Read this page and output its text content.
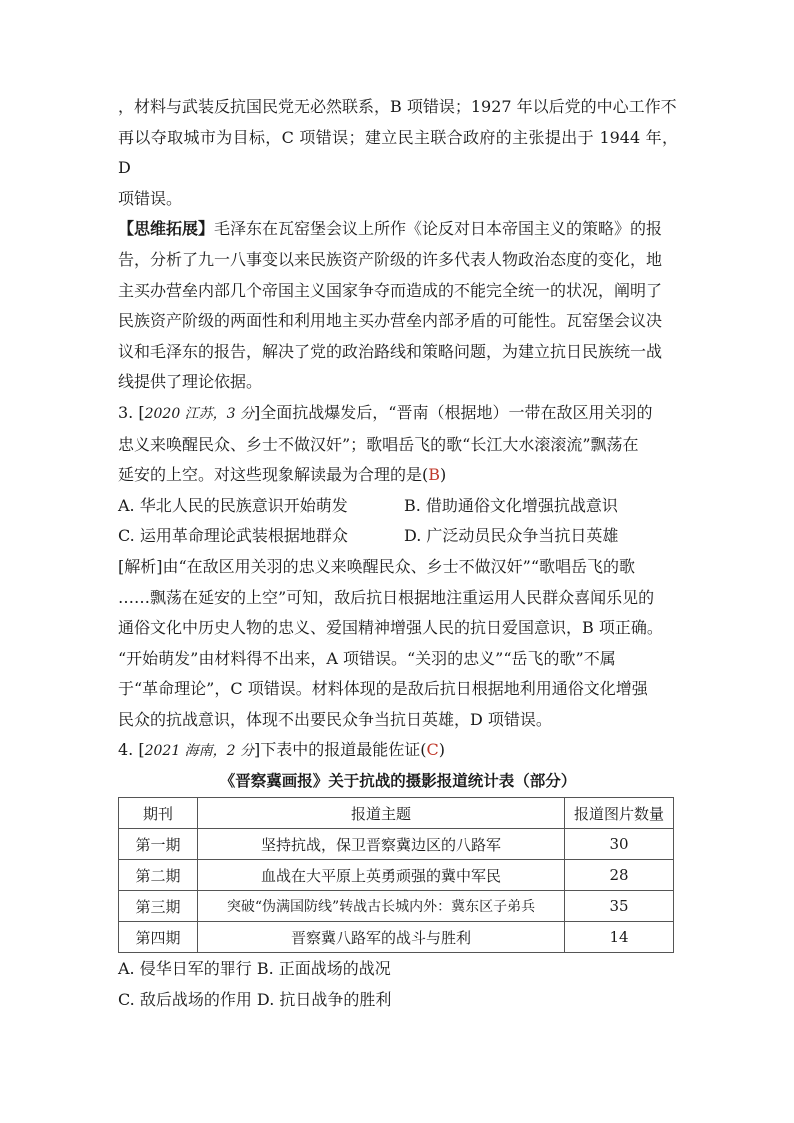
，材料与武装反抗国民党无必然联系，B 项错误；1927 年以后党的中心工作不
再以夺取城市为目标，C 项错误；建立民主联合政府的主张提出于 1944 年，D
项错误。

【思维拓展】毛泽东在瓦窑堡会议上所作《论反对日本帝国主义的策略》的报
告，分析了九一八事变以来民族资产阶级的许多代表人物政治态度的变化，地
主买办营垒内部几个帝国主义国家争夺而造成的不能完全统一的状况，阐明了
民族资产阶级的两面性和利用地主买办营垒内部矛盾的可能性。瓦窑堡会议决
议和毛泽东的报告，解决了党的政治路线和策略问题，为建立抗日民族统一战
线提供了理论依据。

3. [2020 江苏，3 分]全面抗战爆发后，“晋南（根据地）一带在敌区用关羽的
忠义来唤醒民众、乡士不做汉奸”；歌唱岳飞的歌“长江大水滚滚流”飘荡在
延安的上空。对这些现象解读最为合理的是(B)

A. 华北人民的民族意识开始萌发	B. 借助通俗文化增强抗战意识
C. 运用革命理论武装根据地群众	D. 广泛动员民众争当抗日英雄

[解析]由“在敌区用关羽的忠义来唤醒民众、乡士不做汉奸”“歌唱岳飞的歌
……飘荡在延安的上空”可知，敌后抗日根据地注重运用人民群众喜闻乐见的
通俗文化中历史人物的忠义、爱国精神增强人民的抗日爱国意识，B 项正确。
“开始萌发”由材料得不出来，A 项错误。“关羽的忠义”“岳飞的歌”不属
于“革命理论”，C 项错误。材料体现的是敌后抗日根据地利用通俗文化增强
民众的抗战意识，体现不出要民众争当抗日英雄，D 项错误。

4. [2021 海南，2 分]下表中的报道最能佐证(C)

《晋察冀画报》关于抗战的摄影报道统计表（部分）
期刊	报道主题	报道图片数量
第一期	坚持抗战，保卫晋察冀边区的八路军	30
第二期	血战在大平原上英勇顽强的冀中军民	28
第三期	突破“伪满国防线”转战古长城内外：冀东区子弟兵	35
第四期	晋察冀八路军的战斗与胜利	14
A. 侵华日军的罪行 B. 正面战场的战况
C. 敌后战场的作用 D. 抗日战争的胜利
